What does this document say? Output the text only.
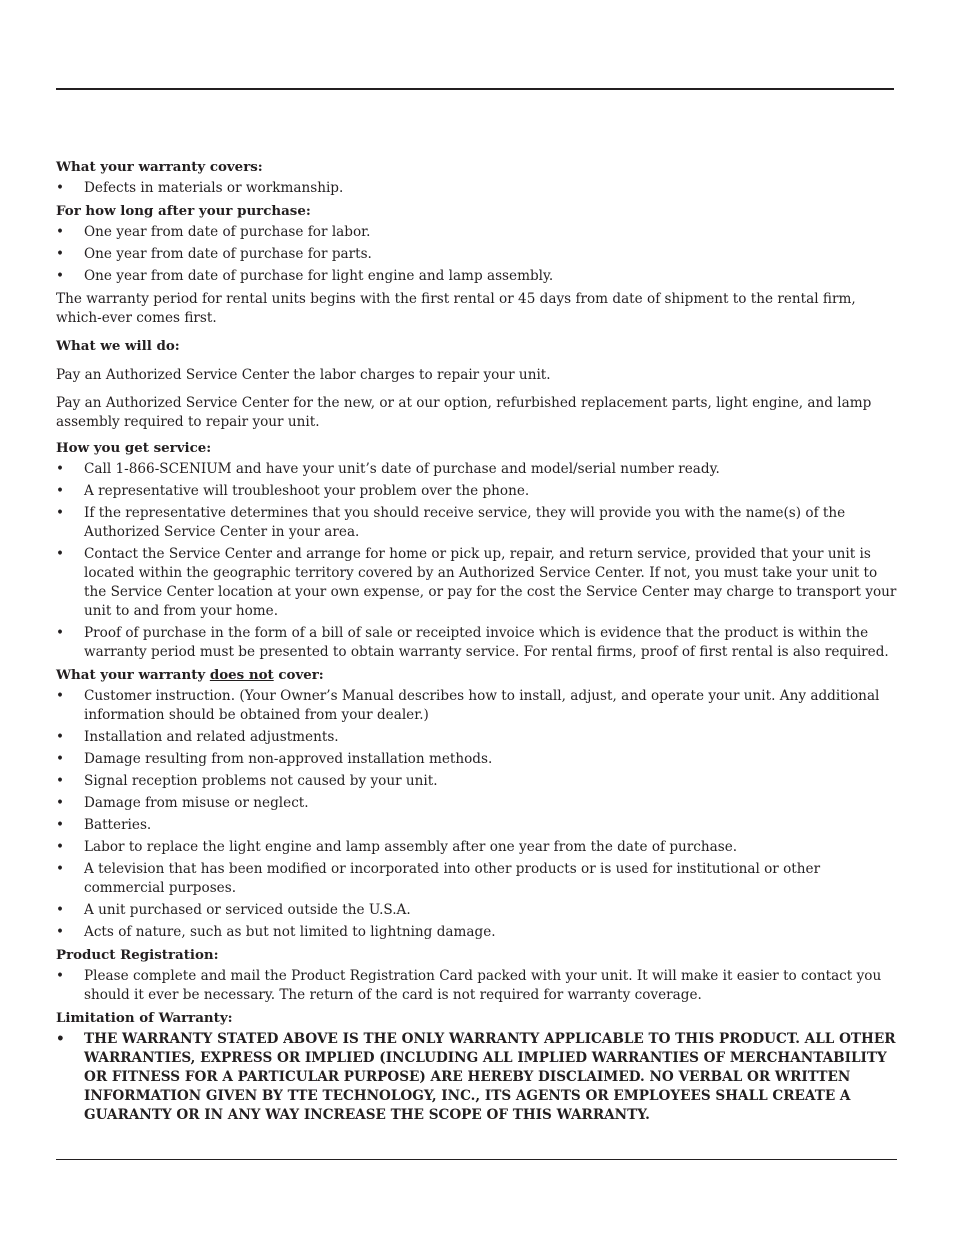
What your warranty covers:
• Defects in materials or workmanship.
For how long after your purchase:
• One year from date of purchase for labor.
• One year from date of purchase for parts.
• One year from date of purchase for light engine and lamp assembly.

The warranty period for rental units begins with the first rental or 45 days from date of shipment to the rental firm, which-ever comes first.

What we will do:

Pay an Authorized Service Center the labor charges to repair your unit.

Pay an Authorized Service Center for the new, or at our option, refurbished replacement parts, light engine, and lamp assembly required to repair your unit.

How you get service:
• Call 1-866-SCENIUM and have your unit’s date of purchase and model/serial number ready.
• A representative will troubleshoot your problem over the phone.
• If the representative determines that you should receive service, they will provide you with the name(s) of the Authorized Service Center in your area.
• Contact the Service Center and arrange for home or pick up, repair, and return service, provided that your unit is located within the geographic territory covered by an Authorized Service Center. If not, you must take your unit to the Service Center location at your own expense, or pay for the cost the Service Center may charge to transport your unit to and from your home.
• Proof of purchase in the form of a bill of sale or receipted invoice which is evidence that the product is within the warranty period must be presented to obtain warranty service. For rental firms, proof of first rental is also required.
What your warranty does not cover:
• Customer instruction. (Your Owner’s Manual describes how to install, adjust, and operate your unit. Any additional information should be obtained from your dealer.)
• Installation and related adjustments.
• Damage resulting from non-approved installation methods.
• Signal reception problems not caused by your unit.
• Damage from misuse or neglect.
• Batteries.
• Labor to replace the light engine and lamp assembly after one year from the date of purchase.
• A television that has been modified or incorporated into other products or is used for institutional or other commercial purposes.
• A unit purchased or serviced outside the U.S.A.
• Acts of nature, such as but not limited to lightning damage.
Product Registration:
• Please complete and mail the Product Registration Card packed with your unit. It will make it easier to contact you should it ever be necessary. The return of the card is not required for warranty coverage.
Limitation of Warranty:
• THE WARRANTY STATED ABOVE IS THE ONLY WARRANTY APPLICABLE TO THIS PRODUCT. ALL OTHER WARRANTIES, EXPRESS OR IMPLIED (INCLUDING ALL IMPLIED WARRANTIES OF MERCHANTABILITY OR FITNESS FOR A PARTICULAR PURPOSE) ARE HEREBY DISCLAIMED. NO VERBAL OR WRITTEN INFORMATION GIVEN BY TTE TECHNOLOGY, INC., ITS AGENTS OR EMPLOYEES SHALL CREATE A GUARANTY OR IN ANY WAY INCREASE THE SCOPE OF THIS WARRANTY.
